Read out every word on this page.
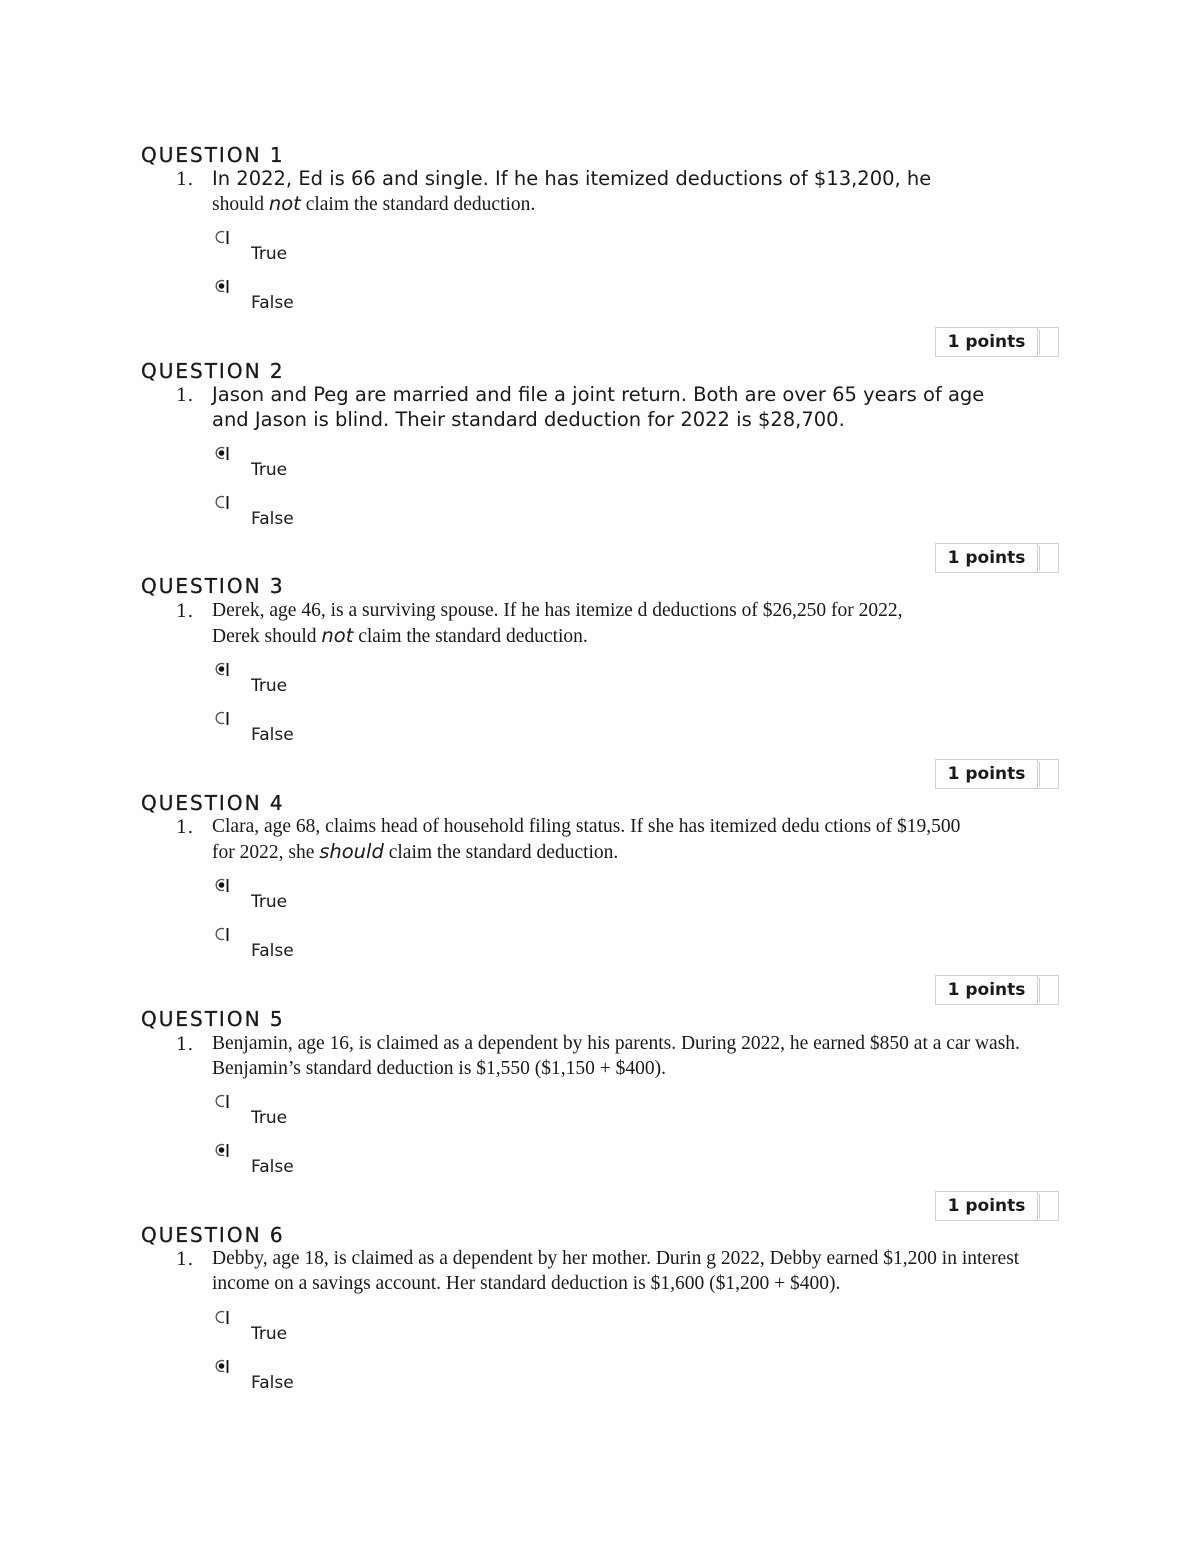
QUESTION 1
1. In 2022, Ed is 66 and single. If he has itemized deductions of $13,200, he
should not claim the standard deduction.
True
False
1 points
QUESTION 2
1. Jason and Peg are married and file a joint return. Both are over 65 years of age and Jason is blind. Their standard deduction for 2022 is $28,700.
True
False
1 points
QUESTION 3
1. Derek, age 46, is a surviving spouse. If he has itemize d deductions of $26,250 for 2022,
Derek should not claim the standard deduction.
True
False
1 points
QUESTION 4
1. Clara, age 68, claims head of household filing status. If she has itemized dedu ctions of $19,500
for 2022, she should claim the standard deduction.
True
False
1 points
QUESTION 5
1. Benjamin, age 16, is claimed as a dependent by his parents. During 2022, he earned $850 at a car wash. Benjamin’s standard deduction is $1,550 ($1,150 + $400).
True
False
1 points
QUESTION 6
1. Debby, age 18, is claimed as a dependent by her mother. Durin g 2022, Debby earned $1,200 in interest income on a savings account. Her standard deduction is $1,600 ($1,200 + $400).
True
False
